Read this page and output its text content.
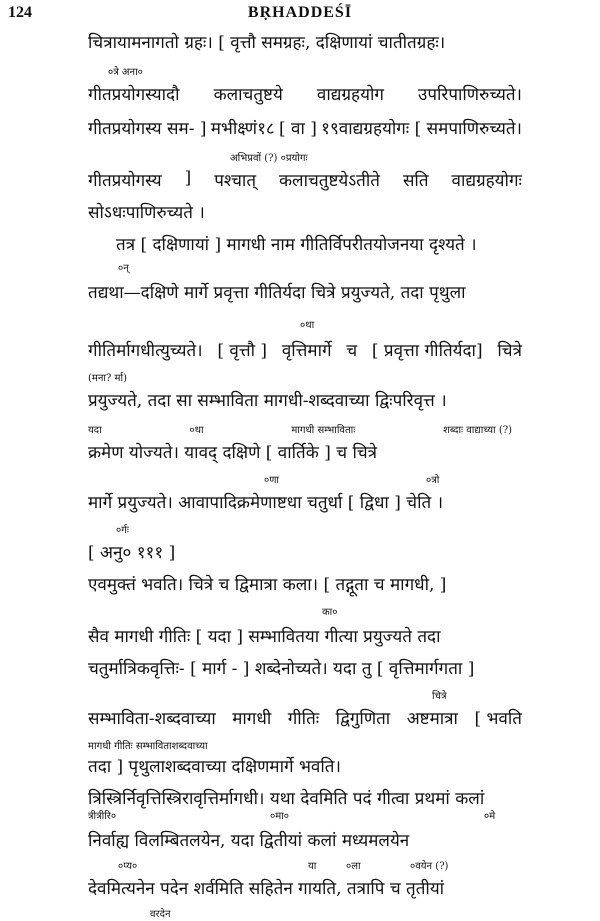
124	BṚHADDEŚĪ
चित्रायामनागतो ग्रहः। [ वृत्तौ समग्रहः, दक्षिणायां चातीतग्रहः।
०त्रे अना०
गीतप्रयोगस्यादौ कलाचतुष्टये वाद्यग्रहयोग उपरिपाणिरुच्यते।
गीतप्रयोगस्य सम- ] मभीक्ष्णं१८ [ वा ] १९वाद्यग्रहयोगः [ समपाणिरुच्यते।
अभिप्रवों (?) ०प्रयोगः
गीतप्रयोगस्य ] पश्चात् कलाचतुष्टयेऽतीते सति वाद्यग्रहयोगः
सोऽधःपाणिरुच्यते ।
तत्र [ दक्षिणायां ] मागधी नाम गीतिर्विपरीतयोजनया दृश्यते ।
०न्
तद्यथा—दक्षिणे मार्गे प्रवृत्ता गीतिर्यदा चित्रे प्रयुज्यते, तदा पृथुला
०था
गीतिर्मागधीत्युच्यते। [ वृत्तौ ] वृत्तिमार्गे च [ प्रवृत्ता गीतिर्यदा] चित्रे
(मना? र्मा)
प्रयुज्यते, तदा सा सम्भाविता मागधी-शब्दवाच्या द्विःपरिवृत्त ।
यदा	०था	मागधी सम्भाविताः	शब्दाः वाद्याच्या (?)
क्रमेण योज्यते। यावद् दक्षिणे [ वार्तिके ] च चित्रे
०णा	०त्रो
मार्गे प्रयुज्यते। आवापादिक्रमेणाष्टधा चतुर्धा [ द्विधा ] चेति ।
०र्गः
[ अनु० १११ ]
एवमुक्तं भवति। चित्रे च द्विमात्रा कला। [ तद्गूता च मागधी, ]
का०
सैव मागधी गीतिः [ यदा ] सम्भावितया गीत्या प्रयुज्यते तदा
चतुर्मात्रिकवृत्तिः- [ मार्ग - ] शब्देनोच्यते। यदा तु [ वृत्तिमार्गगता ]
चित्रे
सम्भाविता-शब्दवाच्या मागधी गीतिः द्विगुणिता अष्टमात्रा [ भवति
मागधी गीतिः सम्भाविताशब्दवाच्या
तदा ] पृथुलाशब्दवाच्या दक्षिणमार्गे भवति।
त्रिस्त्रिर्निवृत्तिस्त्रिरावृत्तिर्मागधी। यथा देवमिति पदं गीत्वा प्रथमां कलां
त्रीत्रीरि०	०मा०	०मे
निर्वाह्य विलम्बितलयेन, यदा द्वितीयां कलां मध्यमलयेन
०प्य०	या	०ला	०वयेन (?)
देवमित्यनेन पदेन शर्वमिति सहितेन गायति, तत्रापि च तृतीयां
वरदेन
